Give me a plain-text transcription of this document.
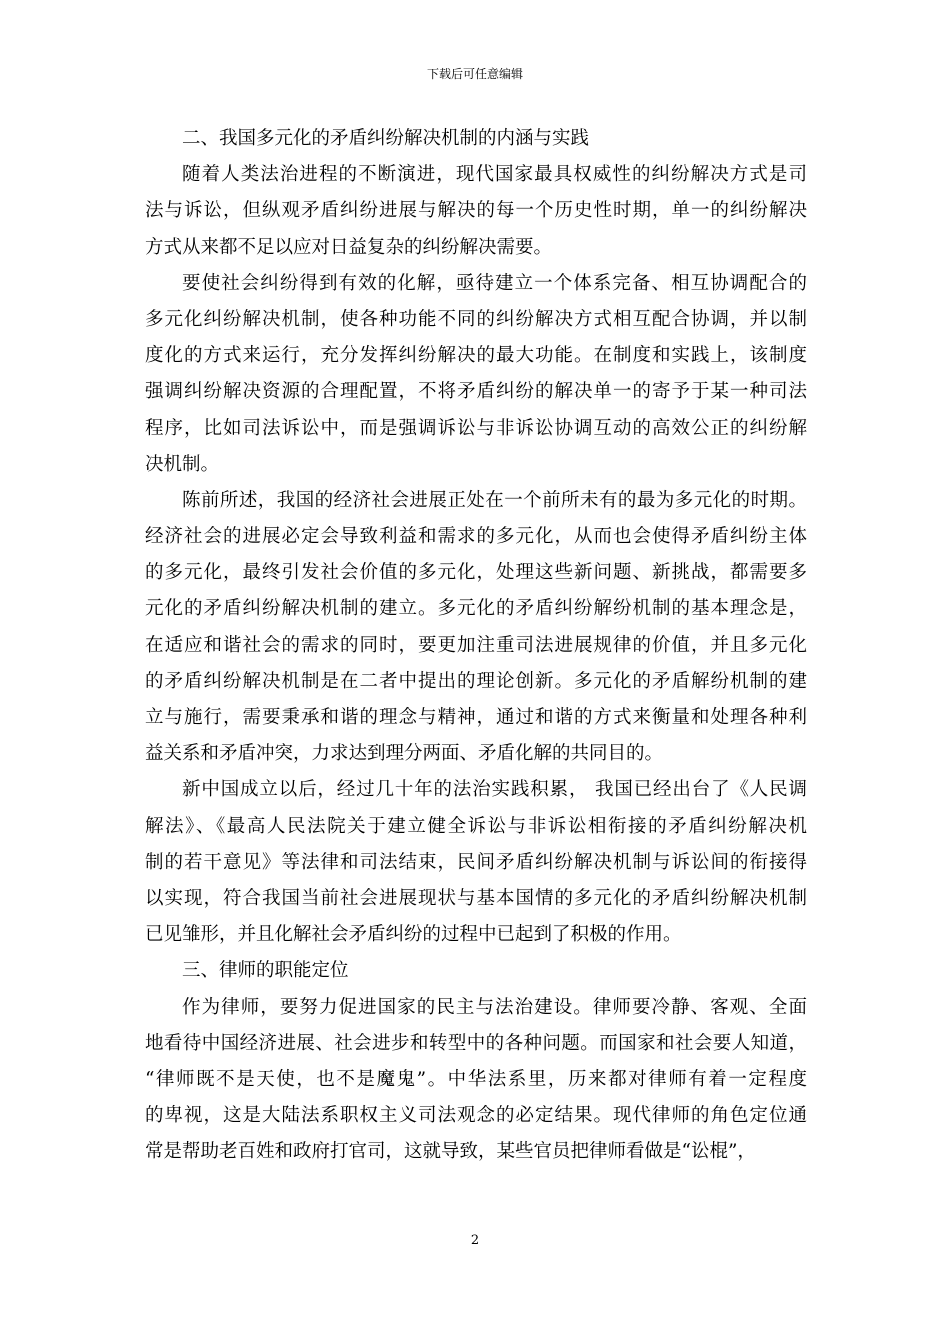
下载后可任意编辑
二、我国多元化的矛盾纠纷解决机制的内涵与实践
随着人类法治进程的不断演进，现代国家最具权威性的纠纷解决方式是司
法与诉讼，但纵观矛盾纠纷进展与解决的每一个历史性时期，单一的纠纷解决
方式从来都不足以应对日益复杂的纠纷解决需要。
要使社会纠纷得到有效的化解，亟待建立一个体系完备、相互协调配合的
多元化纠纷解决机制，使各种功能不同的纠纷解决方式相互配合协调，并以制
度化的方式来运行，充分发挥纠纷解决的最大功能。在制度和实践上，该制度
强调纠纷解决资源的合理配置，不将矛盾纠纷的解决单一的寄予于某一种司法
程序，比如司法诉讼中，而是强调诉讼与非诉讼协调互动的高效公正的纠纷解
决机制。
陈前所述，我国的经济社会进展正处在一个前所未有的最为多元化的时期。
经济社会的进展必定会导致利益和需求的多元化，从而也会使得矛盾纠纷主体
的多元化，最终引发社会价值的多元化，处理这些新问题、新挑战，都需要多
元化的矛盾纠纷解决机制的建立。多元化的矛盾纠纷解纷机制的基本理念是，
在适应和谐社会的需求的同时，要更加注重司法进展规律的价值，并且多元化
的矛盾纠纷解决机制是在二者中提出的理论创新。多元化的矛盾解纷机制的建
立与施行，需要秉承和谐的理念与精神，通过和谐的方式来衡量和处理各种利
益关系和矛盾冲突，力求达到理分两面、矛盾化解的共同目的。
新中国成立以后，经过几十年的法治实践积累， 我国已经出台了《人民调
解法》、《最高人民法院关于建立健全诉讼与非诉讼相衔接的矛盾纠纷解决机
制的若干意见》等法律和司法结束，民间矛盾纠纷解决机制与诉讼间的衔接得
以实现，符合我国当前社会进展现状与基本国情的多元化的矛盾纠纷解决机制
已见雏形，并且化解社会矛盾纠纷的过程中已起到了积极的作用。
三、律师的职能定位
作为律师，要努力促进国家的民主与法治建设。律师要冷静、客观、全面
地看待中国经济进展、社会进步和转型中的各种问题。而国家和社会要人知道，
“律师既不是天使，也不是魔鬼”。中华法系里，历来都对律师有着一定程度
的卑视，这是大陆法系职权主义司法观念的必定结果。现代律师的角色定位通
常是帮助老百姓和政府打官司，这就导致，某些官员把律师看做是“讼棍”，
2
